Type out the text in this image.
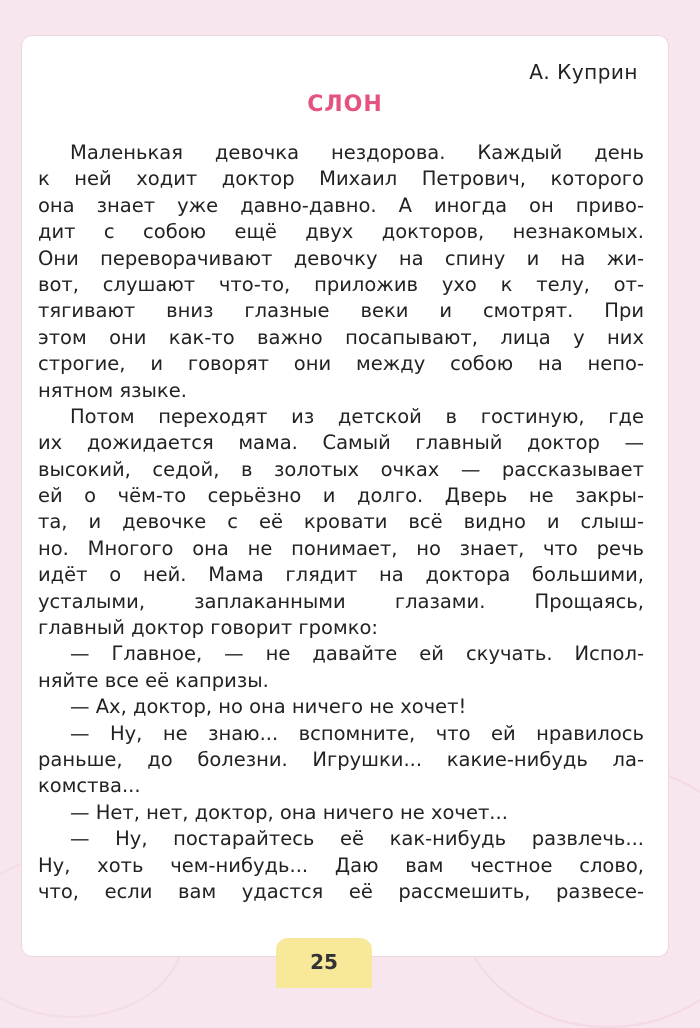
А. Куприн
СЛОН
Маленькая девочка нездорова. Каждый день
к ней ходит доктор Михаил Петрович, которого
она знает уже давно-давно. А иногда он приво-
дит с собою ещё двух докторов, незнакомых.
Они переворачивают девочку на спину и на жи-
вот, слушают что-то, приложив ухо к телу, от-
тягивают вниз глазные веки и смотрят. При
этом они как-то важно посапывают, лица у них
строгие, и говорят они между собою на непо-
нятном языке.
Потом переходят из детской в гостиную, где
их дожидается мама. Самый главный доктор —
высокий, седой, в золотых очках — рассказывает
ей о чём-то серьёзно и долго. Дверь не закры-
та, и девочке с её кровати всё видно и слыш-
но. Многого она не понимает, но знает, что речь
идёт о ней. Мама глядит на доктора большими,
усталыми, заплаканными глазами. Прощаясь,
главный доктор говорит громко:
— Главное, — не давайте ей скучать. Испол-
няйте все её капризы.
— Ах, доктор, но она ничего не хочет!
— Ну, не знаю... вспомните, что ей нравилось
раньше, до болезни. Игрушки... какие-нибудь ла-
комства...
— Нет, нет, доктор, она ничего не хочет...
— Ну, постарайтесь её как-нибудь развлечь...
Ну, хоть чем-нибудь... Даю вам честное слово,
что, если вам удастся её рассмешить, развесе-
25
